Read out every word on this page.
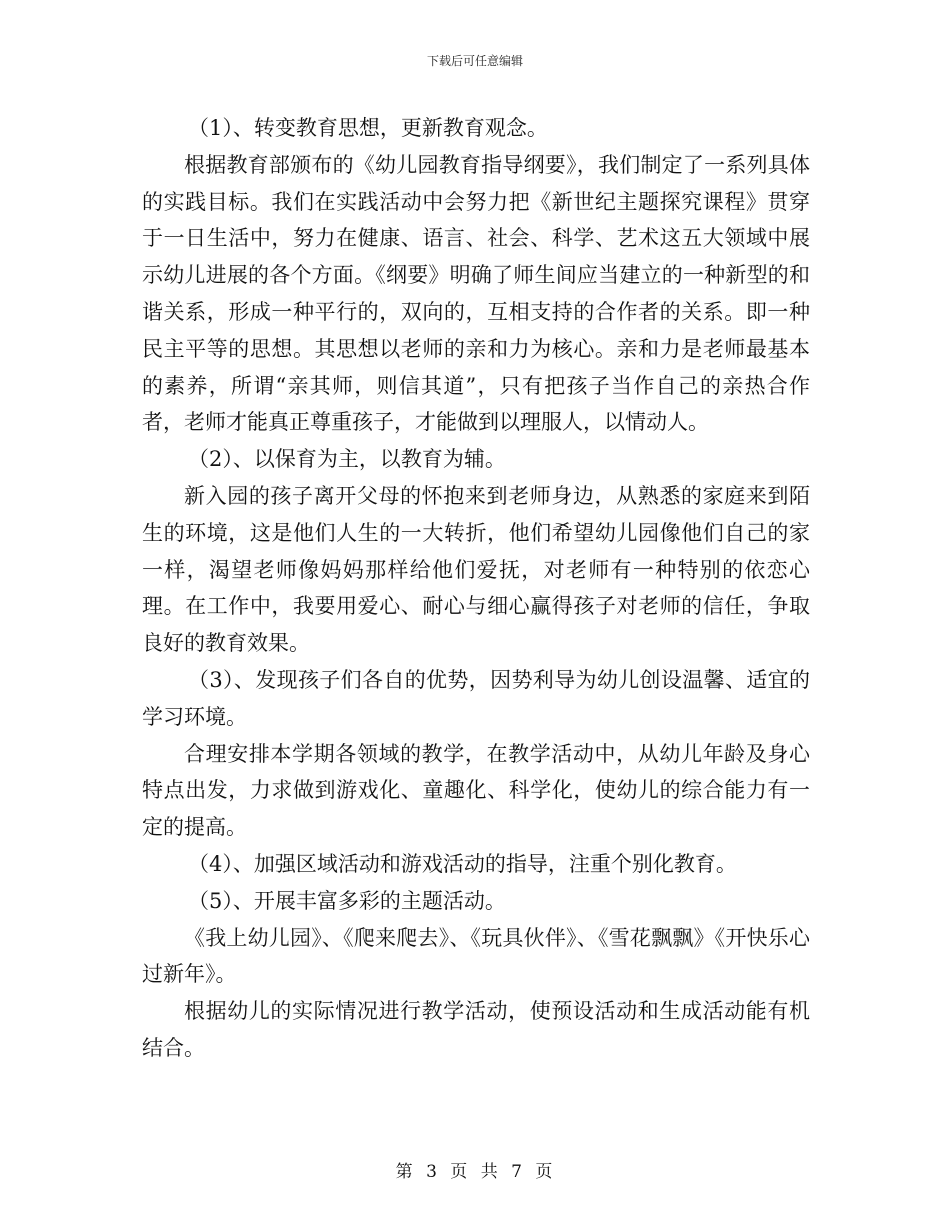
下载后可任意编辑

（1）、转变教育思想，更新教育观念。

根据教育部颁布的《幼儿园教育指导纲要》，我们制定了一系列具体的实践目标。我们在实践活动中会努力把《新世纪主题探究课程》贯穿于一日生活中，努力在健康、语言、社会、科学、艺术这五大领域中展示幼儿进展的各个方面。《纲要》明确了师生间应当建立的一种新型的和谐关系，形成一种平行的，双向的，互相支持的合作者的关系。即一种民主平等的思想。其思想以老师的亲和力为核心。亲和力是老师最基本的素养，所谓“亲其师，则信其道”，只有把孩子当作自己的亲热合作者，老师才能真正尊重孩子，才能做到以理服人，以情动人。

（2）、以保育为主，以教育为辅。

新入园的孩子离开父母的怀抱来到老师身边，从熟悉的家庭来到陌生的环境，这是他们人生的一大转折，他们希望幼儿园像他们自己的家一样，渴望老师像妈妈那样给他们爱抚，对老师有一种特别的依恋心理。在工作中，我要用爱心、耐心与细心赢得孩子对老师的信任，争取良好的教育效果。

（3）、发现孩子们各自的优势，因势利导为幼儿创设温馨、适宜的学习环境。

合理安排本学期各领域的教学，在教学活动中，从幼儿年龄及身心特点出发，力求做到游戏化、童趣化、科学化，使幼儿的综合能力有一定的提高。

（4）、加强区域活动和游戏活动的指导，注重个别化教育。

（5）、开展丰富多彩的主题活动。

《我上幼儿园》、《爬来爬去》、《玩具伙伴》、《雪花飘飘》《开快乐心过新年》。

根据幼儿的实际情况进行教学活动，使预设活动和生成活动能有机结合。

第 3 页 共 7 页
